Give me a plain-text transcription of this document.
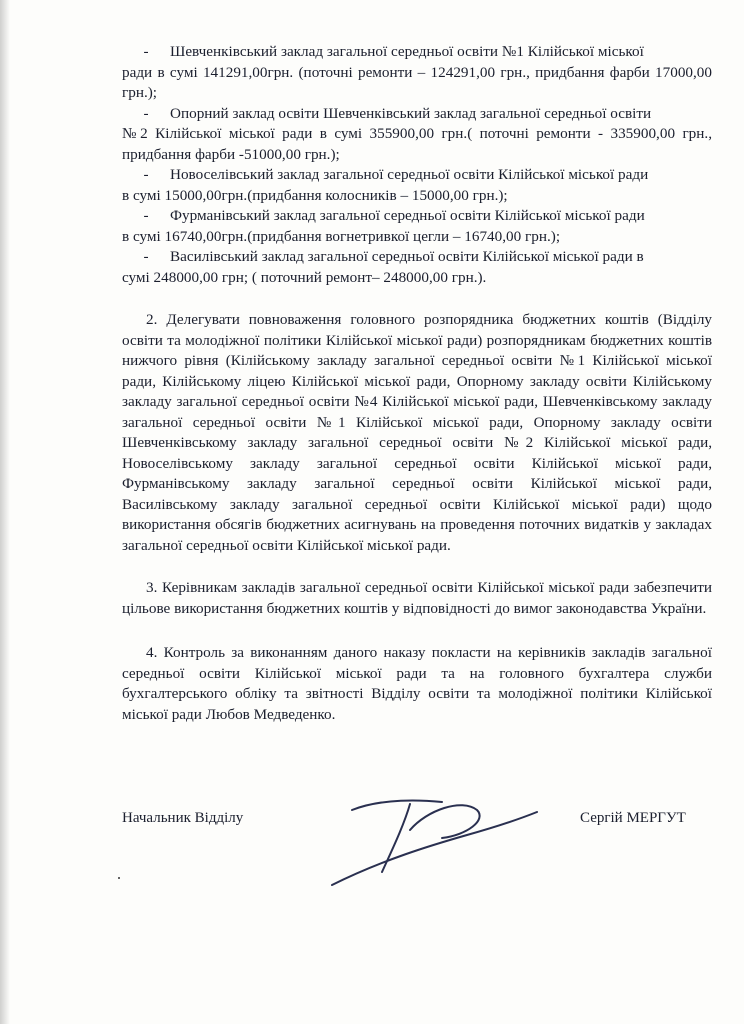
-	Шевченківський заклад загальної середньої освіти №1 Кілійської міської

ради в сумі 141291,00грн. (поточні ремонти – 124291,00 грн., придбання фарби 17000,00 грн.);

-	Опорний заклад освіти Шевченківський заклад загальної середньої освіти

№2 Кілійської міської ради в сумі 355900,00 грн.( поточні ремонти - 335900,00 грн., придбання фарби -51000,00 грн.);

-	Новоселівський заклад загальної середньої освіти Кілійської міської ради

в сумі 15000,00грн.(придбання колосників – 15000,00 грн.);

-	Фурманівський заклад загальної середньої освіти Кілійської міської ради

в сумі 16740,00грн.(придбання вогнетривкої цегли – 16740,00 грн.);

-	Василівський заклад загальної середньої освіти Кілійської міської ради в

сумі 248000,00 грн; ( поточний ремонт– 248000,00 грн.).

2. Делегувати повноваження головного розпорядника бюджетних коштів (Відділу освіти та молодіжної політики Кілійської міської ради) розпорядникам бюджетних коштів нижчого рівня (Кілійському закладу загальної середньої освіти №1 Кілійської міської ради, Кілійському ліцею Кілійської міської ради, Опорному закладу освіти Кілійському закладу загальної середньої освіти №4 Кілійської міської ради, Шевченківському закладу загальної середньої освіти №1 Кілійської міської ради, Опорному закладу освіти Шевченківському закладу загальної середньої освіти №2 Кілійської міської ради, Новоселівському закладу загальної середньої освіти Кілійської міської ради, Фурманівському закладу загальної середньої освіти Кілійської міської ради, Василівському закладу загальної середньої освіти Кілійської міської ради) щодо використання обсягів бюджетних асигнувань на проведення поточних видатків у закладах загальної середньої освіти Кілійської міської ради.

3. Керівникам закладів загальної середньої освіти Кілійської міської ради забезпечити цільове використання бюджетних коштів у відповідності до вимог законодавства України.

4. Контроль за виконанням даного наказу покласти на керівників закладів загальної середньої освіти Кілійської міської ради та на головного бухгалтера служби бухгалтерського обліку та звітності Відділу освіти та молодіжної політики Кілійської міської ради Любов Медведенко.

Начальник Відділу	Сергій МЕРГУТ
